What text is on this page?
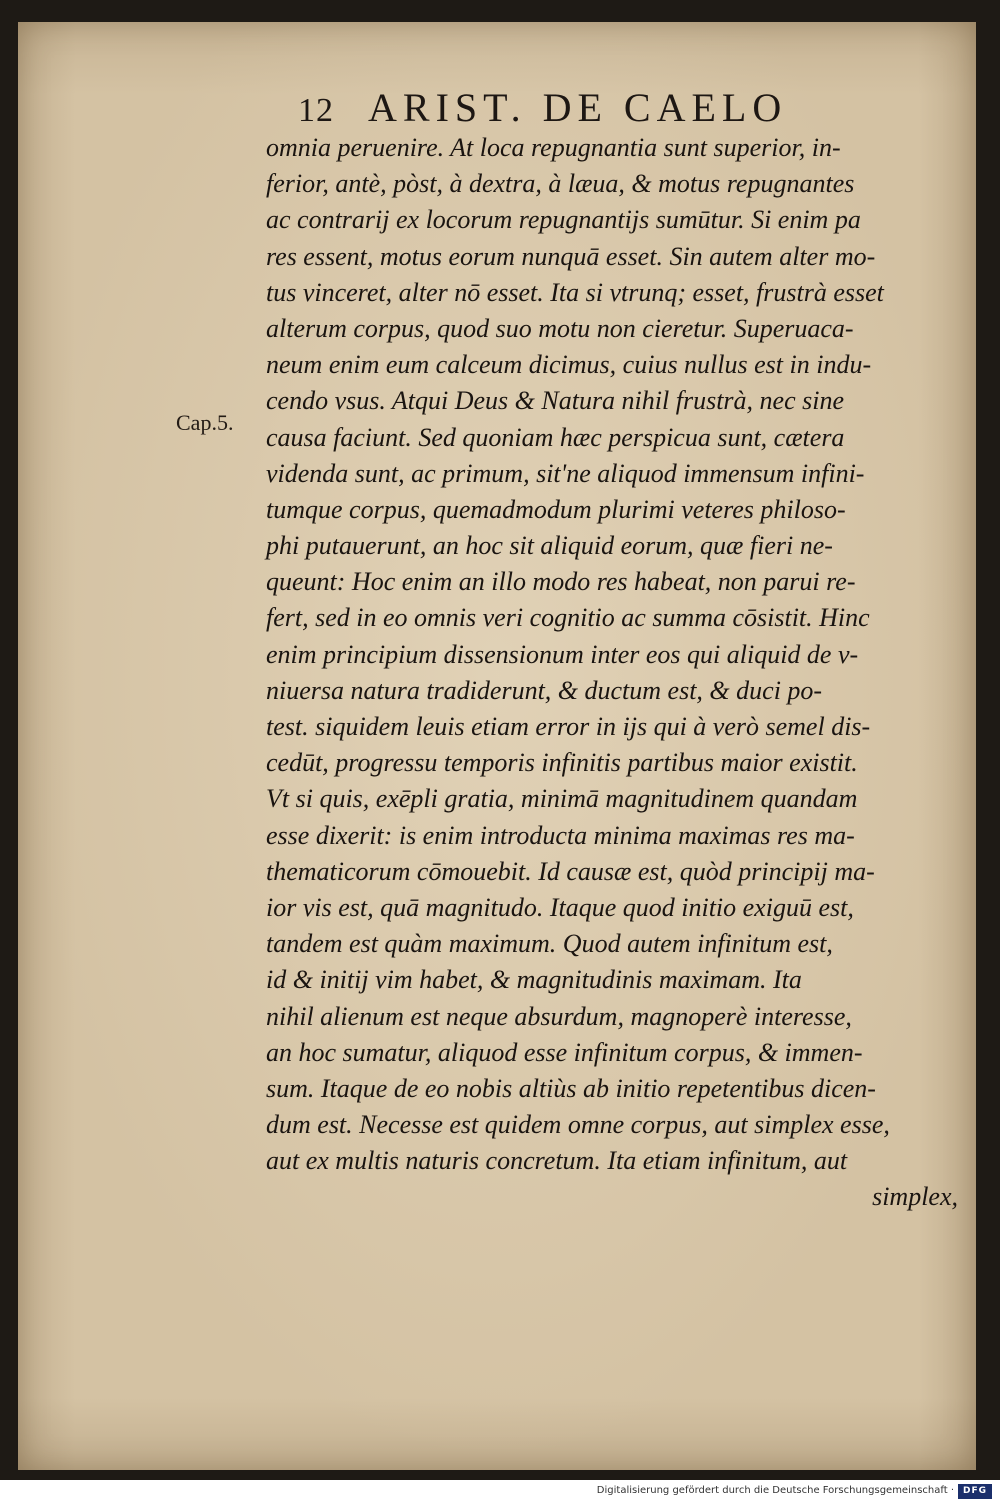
12 ARIST. DE CAELO
Cap.5.
omnia peruenire. At loca repugnantia sunt superior, in-
ferior, antè, pòst, à dextra, à læua, & motus repugnantes
ac contrarij ex locorum repugnantijs sumūtur. Si enim pa
res essent, motus eorum nunquā esset. Sin autem alter mo-
tus vinceret, alter nō esset. Ita si vtrunq; esset, frustrà esset
alterum corpus, quod suo motu non cieretur. Superuaca-
neum enim eum calceum dicimus, cuius nullus est in indu-
cendo vsus. Atqui Deus & Natura nihil frustrà, nec sine
causa faciunt. Sed quoniam hæc perspicua sunt, cætera
videnda sunt, ac primum, sit'ne aliquod immensum infini-
tumque corpus, quemadmodum plurimi veteres philoso-
phi putauerunt, an hoc sit aliquid eorum, quæ fieri ne-
queunt: Hoc enim an illo modo res habeat, non parui re-
fert, sed in eo omnis veri cognitio ac summa cōsistit. Hinc
enim principium dissensionum inter eos qui aliquid de v-
niuersa natura tradiderunt, & ductum est, & duci po-
test. siquidem leuis etiam error in ijs qui à verò semel dis-
cedūt, progressu temporis infinitis partibus maior existit.
Vt si quis, exēpli gratia, minimā magnitudinem quandam
esse dixerit: is enim introducta minima maximas res ma-
thematicorum cōmouebit. Id causæ est, quòd principij ma-
ior vis est, quā magnitudo. Itaque quod initio exiguū est,
tandem est quàm maximum. Quod autem infinitum est,
id & initij vim habet, & magnitudinis maximam. Ita
nihil alienum est neque absurdum, magnoperè interesse,
an hoc sumatur, aliquod esse infinitum corpus, & immen-
sum. Itaque de eo nobis altiùs ab initio repetentibus dicen-
dum est. Necesse est quidem omne corpus, aut simplex esse,
aut ex multis naturis concretum. Ita etiam infinitum, aut
simplex,
Digitalisierung gefördert durch die Deutsche Forschungsgemeinschaft · DFG
